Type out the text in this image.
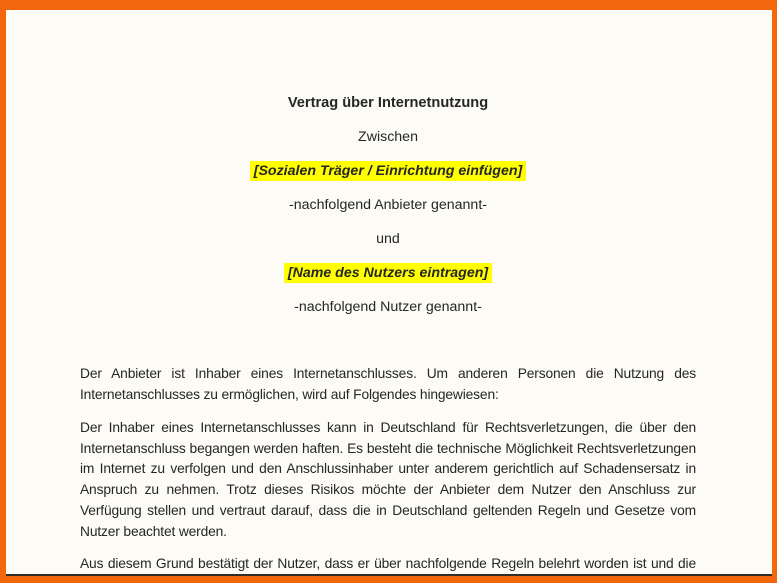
Vertrag über Internetnutzung
Zwischen
[Sozialen Träger / Einrichtung einfügen]
-nachfolgend Anbieter genannt-
und
[Name des Nutzers eintragen]
-nachfolgend Nutzer genannt-
Der Anbieter ist Inhaber eines Internetanschlusses. Um anderen Personen die Nutzung des Internetanschlusses zu ermöglichen, wird auf Folgendes hingewiesen:
Der Inhaber eines Internetanschlusses kann in Deutschland für Rechtsverletzungen, die über den Internetanschluss begangen werden haften. Es besteht die technische Möglichkeit Rechtsverletzungen im Internet zu verfolgen und den Anschlussinhaber unter anderem gerichtlich auf Schadensersatz in Anspruch zu nehmen. Trotz dieses Risikos möchte der Anbieter dem Nutzer den Anschluss zur Verfügung stellen und vertraut darauf, dass die in Deutschland geltenden Regeln und Gesetze vom Nutzer beachtet werden.
Aus diesem Grund bestätigt der Nutzer, dass er über nachfolgende Regeln belehrt worden ist und die
